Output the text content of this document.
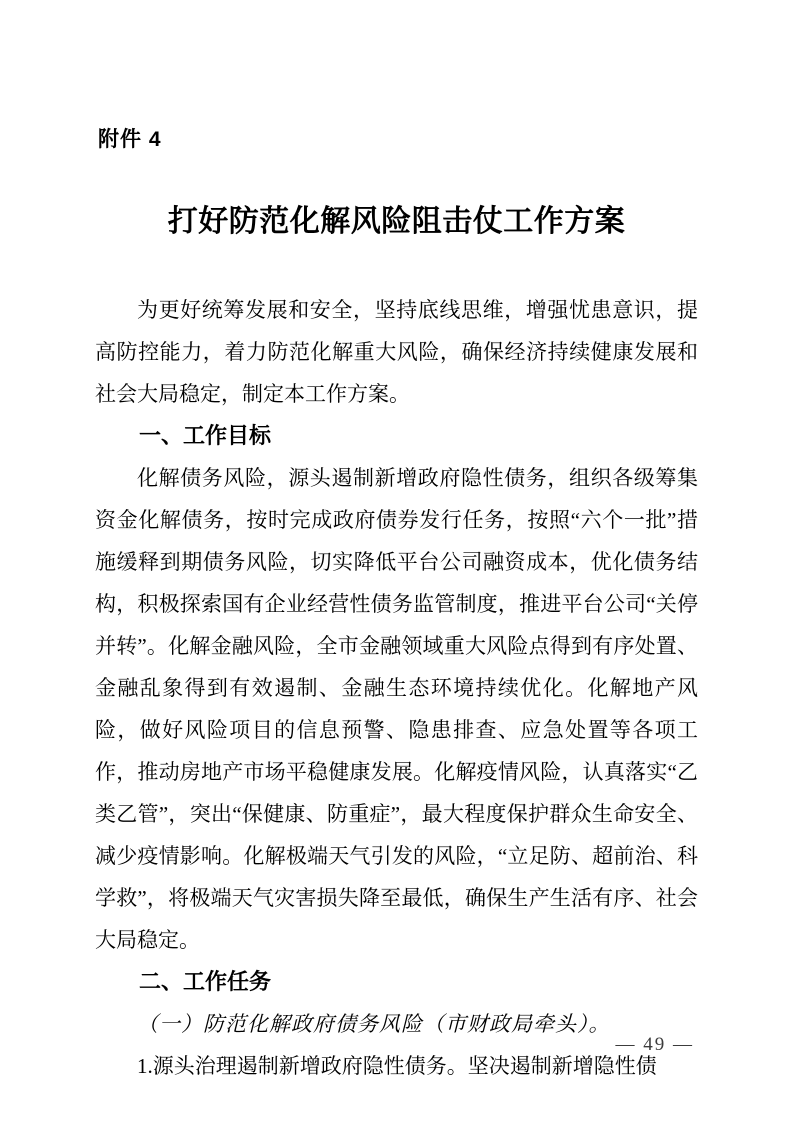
附件 4
打好防范化解风险阻击仗工作方案

为更好统筹发展和安全，坚持底线思维，增强忧患意识，提高防控能力，着力防范化解重大风险，确保经济持续健康发展和社会大局稳定，制定本工作方案。

一、工作目标

化解债务风险，源头遏制新增政府隐性债务，组织各级筹集资金化解债务，按时完成政府债券发行任务，按照“六个一批”措施缓释到期债务风险，切实降低平台公司融资成本，优化债务结构，积极探索国有企业经营性债务监管制度，推进平台公司“关停并转”。化解金融风险，全市金融领域重大风险点得到有序处置、金融乱象得到有效遏制、金融生态环境持续优化。化解地产风险，做好风险项目的信息预警、隐患排查、应急处置等各项工作，推动房地产市场平稳健康发展。化解疫情风险，认真落实“乙类乙管”，突出“保健康、防重症”，最大程度保护群众生命安全、减少疫情影响。化解极端天气引发的风险，“立足防、超前治、科学救”，将极端天气灾害损失降至最低，确保生产生活有序、社会大局稳定。

二、工作任务

（一）防范化解政府债务风险（市财政局牵头）。

1.源头治理遏制新增政府隐性债务。坚决遏制新增隐性债

— 49 —
